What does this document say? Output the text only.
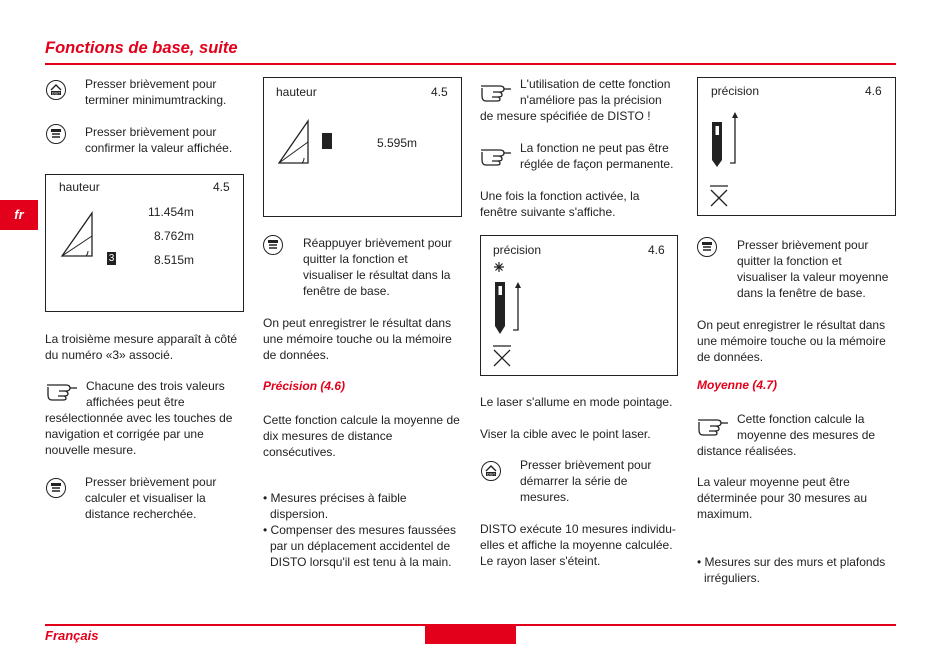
Fonctions de base, suite
fr
DIST
Presser brièvement pour
terminer minimumtracking.
Presser brièvement pour
confirmer la valeur affichée.
hauteur	4.5
11.454m
8.762m
3	8.515m
La troisième mesure apparaît à côté
du numéro «3» associé.
Chacune des trois valeurs
affichées peut être
resélectionnée avec les touches de
navigation et corrigée par une
nouvelle mesure.
Presser brièvement pour
calculer et visualiser la
distance recherchée.
hauteur	4.5
5.595m
Réappuyer brièvement pour
quitter la fonction et
visualiser le résultat dans la
fenêtre de base.
On peut enregistrer le résultat dans
une mémoire touche ou la mémoire
de données.
Précision (4.6)
Cette fonction calcule la moyenne de
dix mesures de distance
consécutives.
• Mesures précises à faible
dispersion.
• Compenser des mesures faussées
par un déplacement accidentel de
DISTO lorsqu'il est tenu à la main.
L'utilisation de cette fonction
n'améliore pas la précision
de mesure spécifiée de DISTO !
La fonction ne peut pas être
réglée de façon permanente.
Une fois la fonction activée, la
fenêtre suivante s'affiche.
précision	4.6
Le laser s'allume en mode pointage.
Viser la cible avec le point laser.
DIST
Presser brièvement pour
démarrer la série de
mesures.
DISTO exécute 10 mesures individu-
elles et affiche la moyenne calculée.
Le rayon laser s'éteint.
précision	4.6
Presser brièvement pour
quitter la fonction et
visualiser la valeur moyenne
dans la fenêtre de base.
On peut enregistrer le résultat dans
une mémoire touche ou la mémoire
de données.
Moyenne (4.7)
Cette fonction calcule la
moyenne des mesures de
distance réalisées.
La valeur moyenne peut être
déterminée pour 30 mesures au
maximum.
• Mesures sur des murs et plafonds
irréguliers.
Français
